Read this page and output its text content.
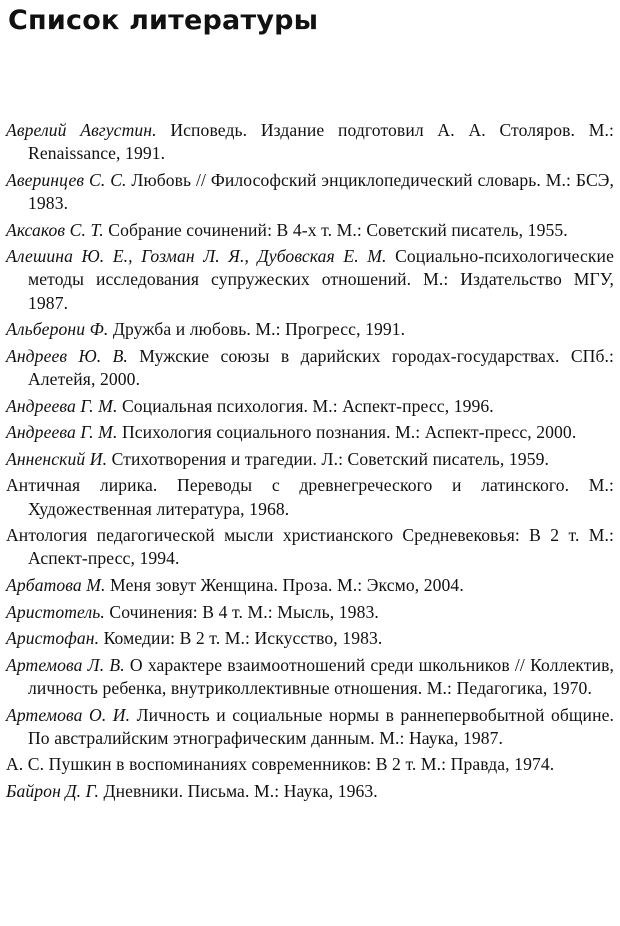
Список литературы

Аврелий Августин. Исповедь. Издание подготовил А. А. Столяров. М.: Renaissance, 1991.

Аверинцев С. С. Любовь // Философский энциклопедический словарь. М.: БСЭ, 1983.

Аксаков С. Т. Собрание сочинений: В 4-х т. М.: Советский писатель, 1955.

Алешина Ю. Е., Гозман Л. Я., Дубовская Е. М. Социально-психологические методы исследования супружеских отношений. М.: Издательство МГУ, 1987.

Альберони Ф. Дружба и любовь. М.: Прогресс, 1991.

Андреев Ю. В. Мужские союзы в дарийских городах-государствах. СПб.: Алетейя, 2000.

Андреева Г. М. Социальная психология. М.: Аспект-пресс, 1996.

Андреева Г. М. Психология социального познания. М.: Аспект-пресс, 2000.

Анненский И. Стихотворения и трагедии. Л.: Советский писатель, 1959.

Античная лирика. Переводы с древнегреческого и латинского. М.: Художественная литература, 1968.

Антология педагогической мысли христианского Средневековья: В 2 т. М.: Аспект-пресс, 1994.

Арбатова М. Меня зовут Женщина. Проза. М.: Эксмо, 2004.

Аристотель. Сочинения: В 4 т. М.: Мысль, 1983.

Аристофан. Комедии: В 2 т. М.: Искусство, 1983.

Артемова Л. В. О характере взаимоотношений среди школьников // Коллектив, личность ребенка, внутриколлективные отношения. М.: Педагогика, 1970.

Артемова О. И. Личность и социальные нормы в раннепервобытной общине. По австралийским этнографическим данным. М.: Наука, 1987.

А. С. Пушкин в воспоминаниях современников: В 2 т. М.: Правда, 1974.

Байрон Д. Г. Дневники. Письма. М.: Наука, 1963.
